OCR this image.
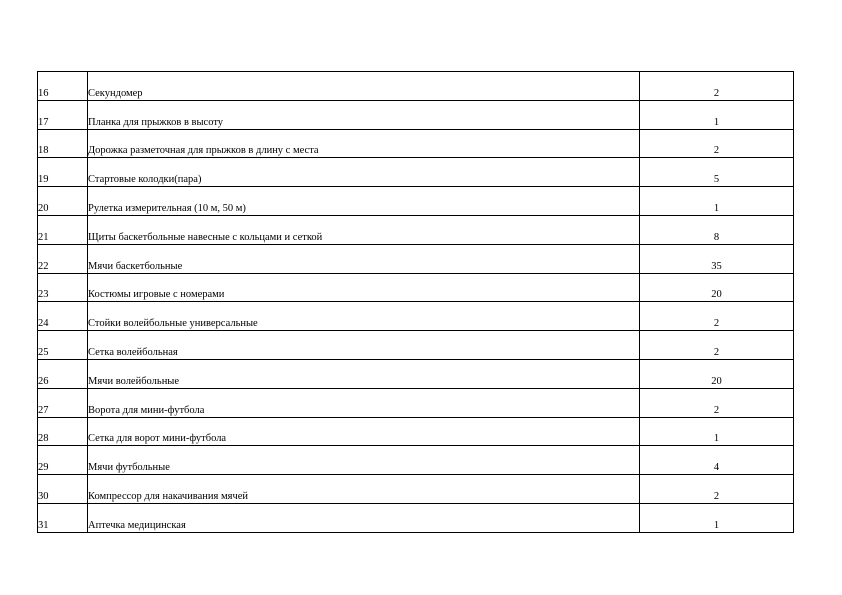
16	Секундомер	2
17	Планка для прыжков в высоту	1
18	Дорожка разметочная для прыжков в длину с места	2
19	Стартовые колодки(пара)	5
20	Рулетка измерительная (10 м, 50 м)	1
21	Щиты баскетбольные навесные с кольцами и сеткой	8
22	Мячи баскетбольные	35
23	Костюмы игровые с номерами	20
24	Стойки волейбольные универсальные	2
25	Сетка волейбольная	2
26	Мячи волейбольные	20
27	Ворота для мини-футбола	2
28	Сетка для ворот мини-футбола	1
29	Мячи футбольные	4
30	Компрессор для накачивания мячей	2
31	Аптечка медицинская	1
